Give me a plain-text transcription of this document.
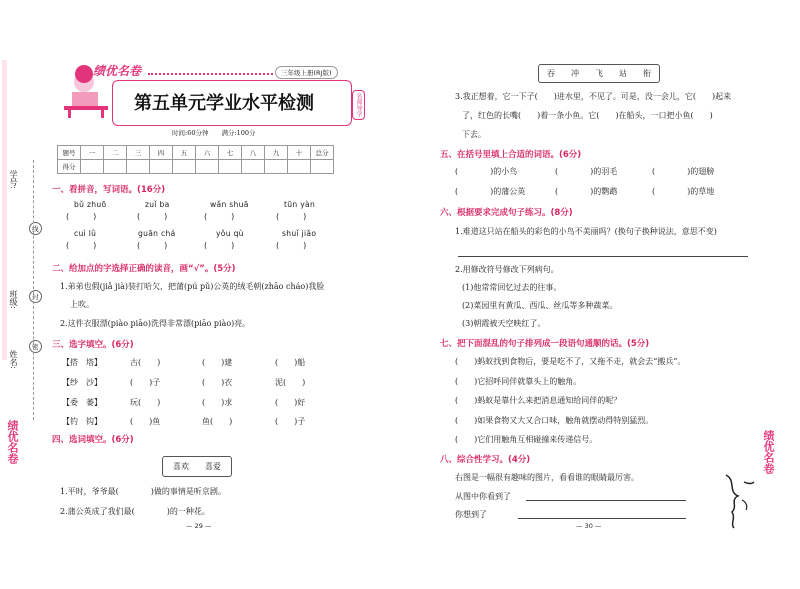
学号:
班级:
姓名:
线
封
密
绩优名卷
绩优名卷	三年级上册(RJ版)
第五单元学业水平检测	名师导学
时间:60分钟　　满分:100分
题号	一	二	三	四	五	六	七	八	九	十	总分
得分											
一、看拼音，写词语。(16分)
bǔ zhuō	zuǐ ba	wǎn shuā	tūn yàn
(　　　)	(　　　)	(　　　)	(　　　)
cuì lǜ	guān chá	yǒu qù	shuǐ jiǎo
(　　　)	(　　　)	(　　　)	(　　　)
二、给加点的字选择正确的读音，画“√”。(5分)
1.弟弟也假(jiǎ jià)装打哈欠，把蒲(pú pǔ)公英的绒毛朝(zhāo cháo)我脸
上吹。
2.这件衣服漂(piào piāo)洗得非常漂(piāo piào)亮。
三、选字填空。(6分)
【搭　塔】	古(　　)	(　　)建	(　　)船
【纱　沙】	(　　)子	(　　)衣	泥(　　)
【委　萎】	玩(　　)	(　　)求	(　　)好
【钓　钩】	(　　)鱼	鱼(　　)	(　　)子
四、选词填空。(6分)
喜欢　　喜爱
1.平时，爷爷最(　　　　)做的事情是听京剧。
2.蒲公英成了我们最(　　　　)的一种花。
— 29 —
吞　　冲　　飞　　站　　衔
3.我正想着，它一下子(　　)进水里，不见了。可是，没一会儿，它(　　)起来
了，红色的长嘴(　　)着一条小鱼。它(　　)在船头，一口把小鱼(　　)
下去。
五、在括号里填上合适的词语。(6分)
(　　　　)的小鸟	(　　　　)的羽毛	(　　　　)的翅膀
(　　　　)的蒲公英	(　　　　)的鹦鹉	(　　　　)的草地
六、根据要求完成句子练习。(8分)
1.难道这只站在船头的彩色的小鸟不美丽吗？(换句子换种说法，意思不变)
2.用修改符号修改下列病句。
(1)他常常回忆过去的往事。
(2)菜园里有黄瓜、西瓜、丝瓜等多种蔬菜。
(3)朝霞被天空映红了。
七、把下面混乱的句子排列成一段语句通顺的话。(5分)
(　　)蚂蚁找到食物后，要是吃不了，又拖不走，就会去“搬兵”。
(　　)它招呼同伴就靠头上的触角。
(　　)蚂蚁是靠什么来把消息通知给同伴的呢？
(　　)如果食物又大又合口味，触角就摆动得特别猛烈。
(　　)它们用触角互相碰撞来传递信号。
八、综合性学习。(4分)
右图是一幅很有趣味的图片，看看谁的眼睛最厉害。
从图中你看到了
你想到了
— 30 —
绩优名卷
